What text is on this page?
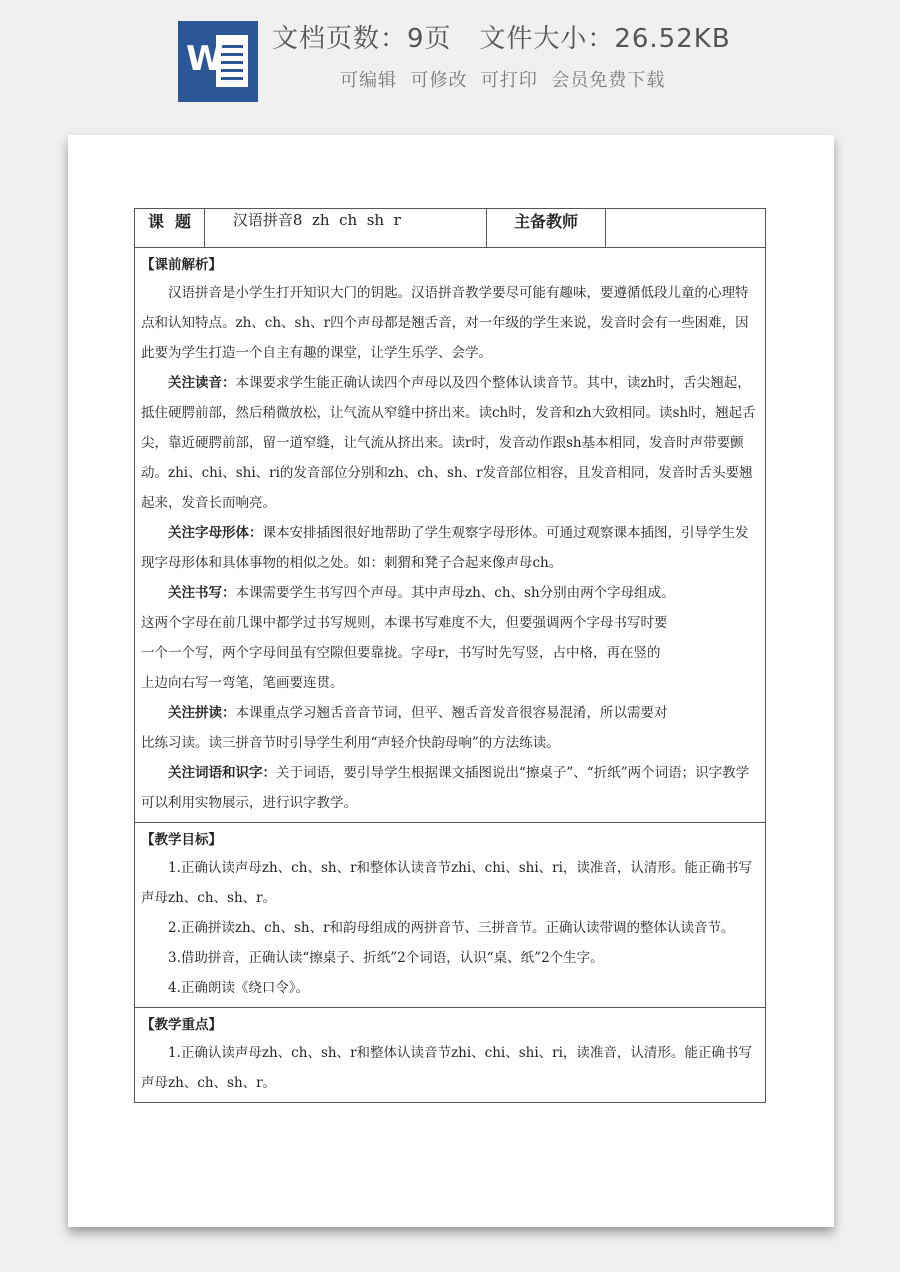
W 文档页数：9页   文件大小：26.52KB
可编辑  可修改  可打印  会员免费下载
课  题	汉语拼音8  zh  ch  sh  r	主备教师	

【课前解析】

汉语拼音是小学生打开知识大门的钥匙。汉语拼音教学要尽可能有趣味，要遵循低段儿童的心理特点和认知特点。zh、ch、sh、r四个声母都是翘舌音，对一年级的学生来说，发音时会有一些困难，因此要为学生打造一个自主有趣的课堂，让学生乐学、会学。

关注读音：本课要求学生能正确认读四个声母以及四个整体认读音节。其中，读zh时，舌尖翘起，抵住硬腭前部，然后稍微放松，让气流从窄缝中挤出来。读ch时，发音和zh大致相同。读sh时，翘起舌尖，靠近硬腭前部，留一道窄缝，让气流从挤出来。读r时，发音动作跟sh基本相同，发音时声带要颤动。zhi、chi、shi、ri的发音部位分别和zh、ch、sh、r发音部位相容，且发音相同，发音时舌头要翘起来，发音长而响亮。

关注字母形体：课本安排插图很好地帮助了学生观察字母形体。可通过观察课本插图，引导学生发现字母形体和具体事物的相似之处。如：刺猬和凳子合起来像声母ch。

关注书写：本课需要学生书写四个声母。其中声母zh、ch、sh分别由两个字母组成。

这两个字母在前几课中都学过书写规则，本课书写难度不大，但要强调两个字母书写时要

一个一个写，两个字母间虽有空隙但要靠拢。字母r，书写时先写竖，占中格，再在竖的

上边向右写一弯笔，笔画要连贯。

关注拼读：本课重点学习翘舌音音节词，但平、翘舌音发音很容易混淆，所以需要对

比练习读。读三拼音节时引导学生利用“声轻介快韵母响”的方法练读。

关注词语和识字：关于词语，要引导学生根据课文插图说出“擦桌子”、“折纸”两个词语；识字教学可以利用实物展示，进行识字教学。

【教学目标】

1.正确认读声母zh、ch、sh、r和整体认读音节zhi、chi、shi、ri，读准音，认清形。能正确书写声母zh、ch、sh、r。

2.正确拼读zh、ch、sh、r和韵母组成的两拼音节、三拼音节。正确认读带调的整体认读音节。

3.借助拼音，正确认读“擦桌子、折纸”2个词语，认识“桌、纸”2个生字。

4.正确朗读《绕口令》。

【教学重点】

1.正确认读声母zh、ch、sh、r和整体认读音节zhi、chi、shi、ri，读准音，认清形。能正确书写声母zh、ch、sh、r。
